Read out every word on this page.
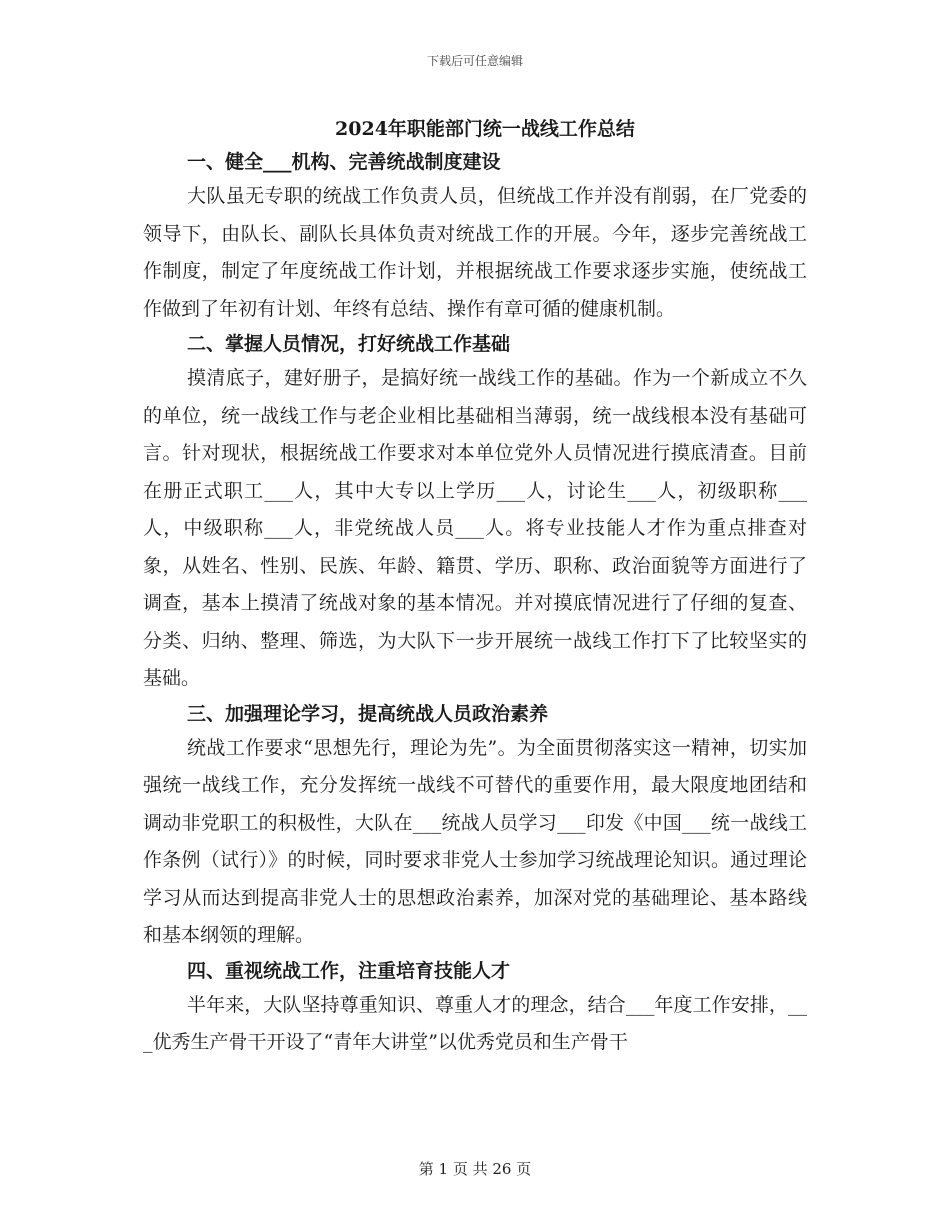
下载后可任意编辑
2024年职能部门统一战线工作总结
一、健全___机构、完善统战制度建设

大队虽无专职的统战工作负责人员，但统战工作并没有削弱，在厂党委的领导下，由队长、副队长具体负责对统战工作的开展。今年，逐步完善统战工作制度，制定了年度统战工作计划，并根据统战工作要求逐步实施，使统战工作做到了年初有计划、年终有总结、操作有章可循的健康机制。

二、掌握人员情况，打好统战工作基础

摸清底子，建好册子，是搞好统一战线工作的基础。作为一个新成立不久的单位，统一战线工作与老企业相比基础相当薄弱，统一战线根本没有基础可言。针对现状，根据统战工作要求对本单位党外人员情况进行摸底清查。目前在册正式职工___人，其中大专以上学历___人，讨论生___人，初级职称___人，中级职称___人，非党统战人员___人。将专业技能人才作为重点排查对象，从姓名、性别、民族、年龄、籍贯、学历、职称、政治面貌等方面进行了调查，基本上摸清了统战对象的基本情况。并对摸底情况进行了仔细的复查、分类、归纳、整理、筛选，为大队下一步开展统一战线工作打下了比较坚实的基础。

三、加强理论学习，提高统战人员政治素养

统战工作要求“思想先行，理论为先”。为全面贯彻落实这一精神，切实加强统一战线工作，充分发挥统一战线不可替代的重要作用，最大限度地团结和调动非党职工的积极性，大队在___统战人员学习___印发《中国___统一战线工作条例（试行）》的时候，同时要求非党人士参加学习统战理论知识。通过理论学习从而达到提高非党人士的思想政治素养，加深对党的基础理论、基本路线和基本纲领的理解。

四、重视统战工作，注重培育技能人才

半年来，大队坚持尊重知识、尊重人才的理念，结合___年度工作安排，___优秀生产骨干开设了“青年大讲堂”以优秀党员和生产骨干

第 1 页 共 26 页
